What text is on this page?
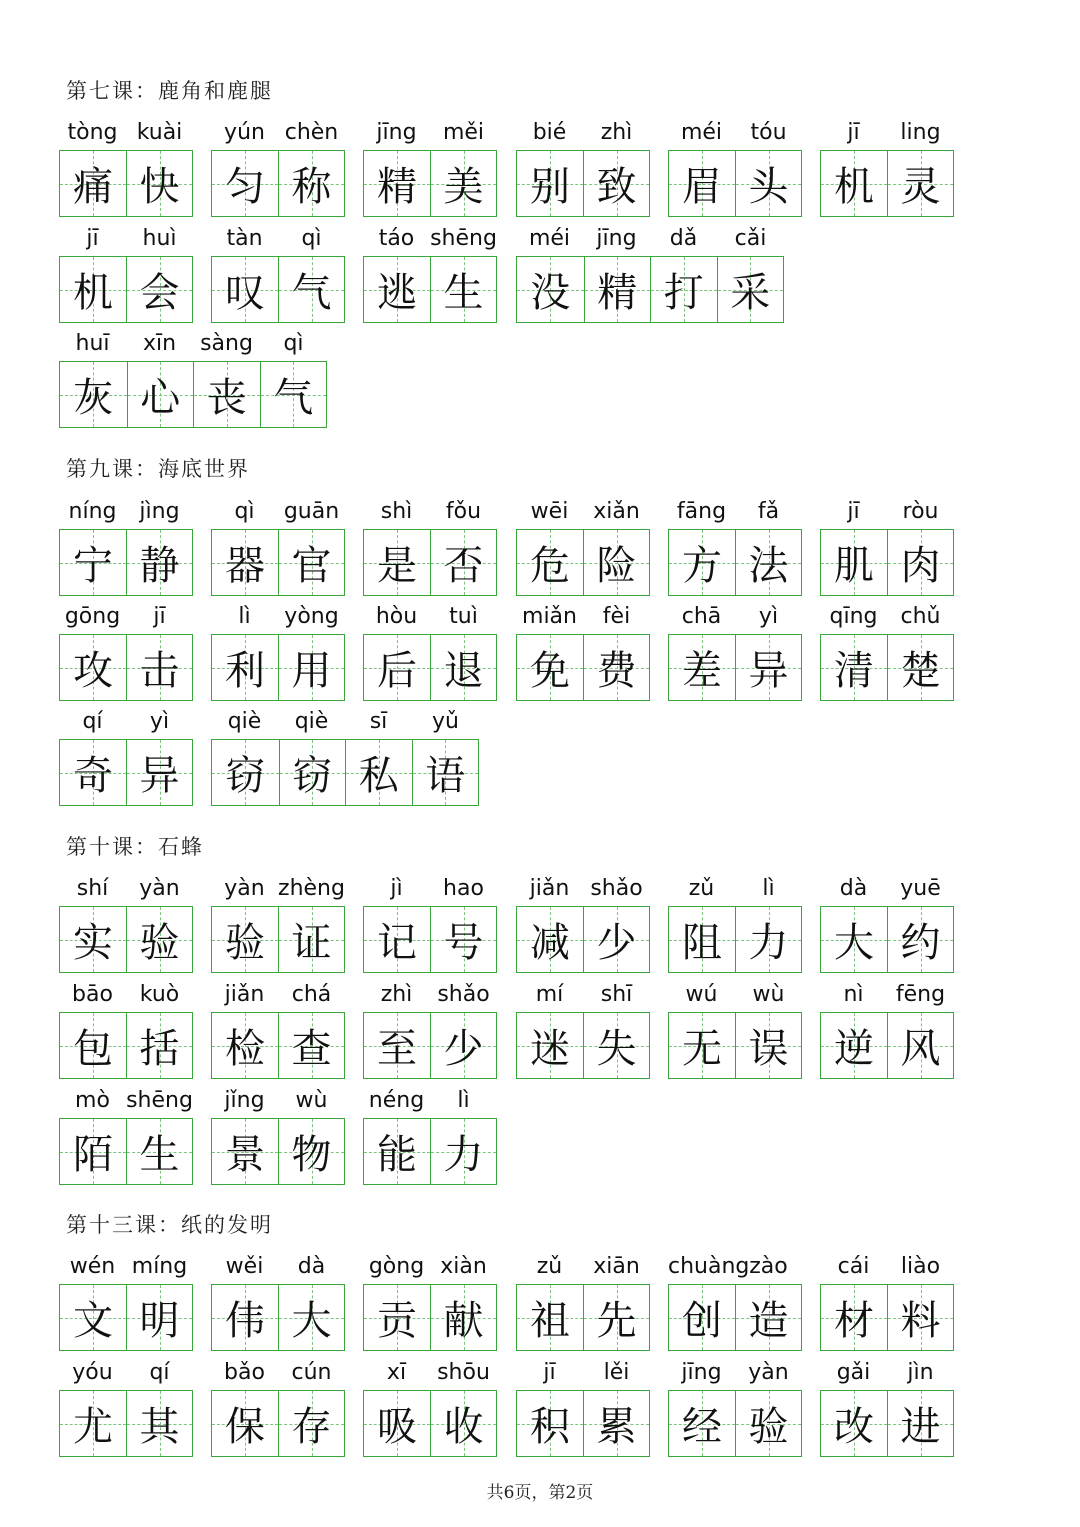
第七课：鹿角和鹿腿
tòng kuài
痛 快
yún chèn
匀 称
jīng	měi
精 美
bié	zhì
别 致
méi	tóu
眉 头
jī	ling
机 灵
jī	huì
机 会
tàn	qì
叹 气
táo shēng
逃 生
méi	jīng	dǎ	cǎi
没 精 打 采
huī	xīn	sàng	qì
灰 心 丧 气
第九课：海底世界
níng	jìng
宁 静
qì	guān
器 官
shì	fǒu
是 否
wēi	xiǎn
危 险
fāng	fǎ
方 法
jī	ròu
肌 肉
gōng	jī
攻 击
lì	yòng
利 用
hòu	tuì
后 退
miǎn	fèi
免 费
chā	yì
差 异
qīng	chǔ
清 楚
qí	yì
奇 异
qiè	qiè	sī	yǔ
窃 窃 私 语
第十课：石蜂
shí	yàn
实 验
yàn zhèng
验 证
jì	hao
记 号
jiǎn shǎo
减 少
zǔ	lì
阻 力
dà	yuē
大 约
bāo	kuò
包 括
jiǎn	chá
检 查
zhì	shǎo
至 少
mí	shī
迷 失
wú	wù
无 误
nì	fēng
逆 风
mò shēng
陌 生
jǐng	wù
景 物
néng	lì
能 力
第十三课：纸的发明
wén míng
文 明
wěi	dà
伟 大
gòng xiàn
贡 献
zǔ	xiān
祖 先
chuàng zào
创 造
cái	liào
材 料
yóu	qí
尤 其
bǎo	cún
保 存
xī	shōu
吸 收
jī	lěi
积 累
jīng	yàn
经 验
gǎi	jìn
改 进
共6页，第2页
